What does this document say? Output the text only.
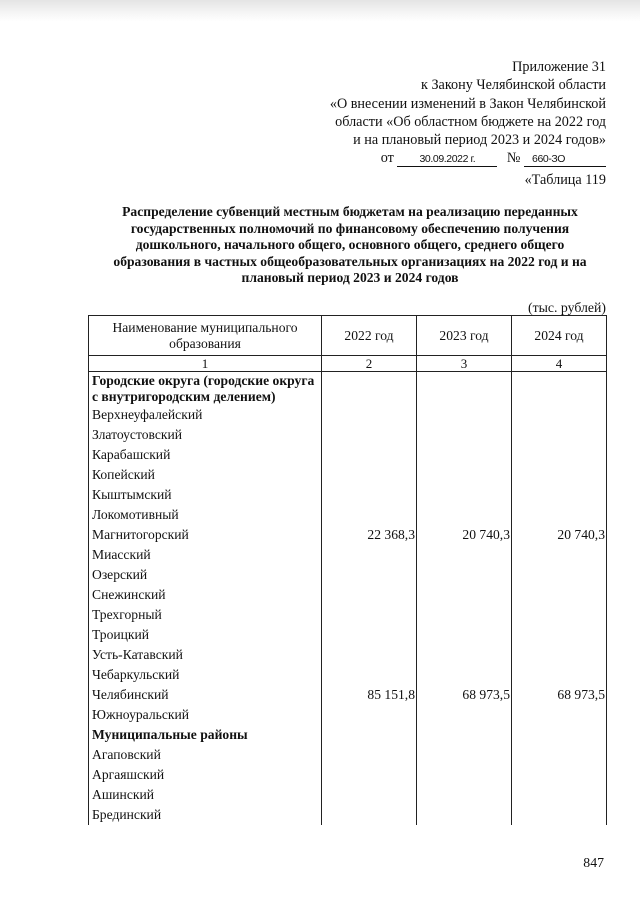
Приложение 31
к Закону Челябинской области
«О внесении изменений в Закон Челябинской
области «Об областном бюджете на 2022 год
и на плановый период 2023 и 2024 годов»
от 30.09.2022 г. № 660-ЗО
«Таблица 119
Распределение субвенций местным бюджетам на реализацию переданных
государственных полномочий по финансовому обеспечению получения
дошкольного, начального общего, основного общего, среднего общего
образования в частных общеобразовательных организациях на 2022 год и на
плановый период 2023 и 2024 годов
(тыс. рублей)
Наименование муниципального образования	2022 год	2023 год	2024 год
1	2	3	4
Городские округа (городские округа с внутригородским делением)			
Верхнеуфалейский			
Златоустовский			
Карабашский			
Копейский			
Кыштымский			
Локомотивный			
Магнитогорский	22 368,3	20 740,3	20 740,3
Миасский			
Озерский			
Снежинский			
Трехгорный			
Троицкий			
Усть-Катавский			
Чебаркульский			
Челябинский	85 151,8	68 973,5	68 973,5
Южноуральский			
Муниципальные районы			
Агаповский			
Аргаяшский			
Ашинский			
Брединский			
847
